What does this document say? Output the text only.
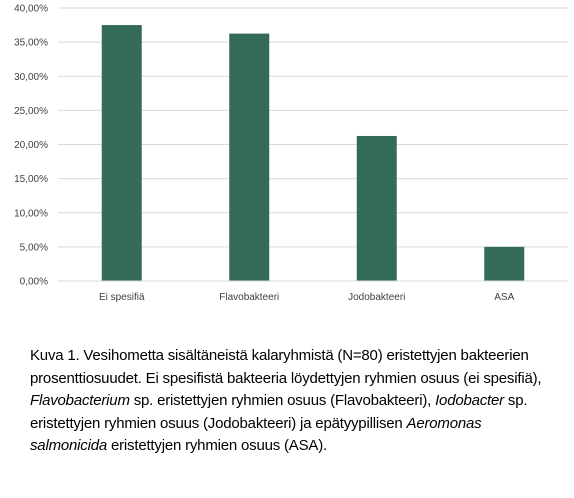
0,00%
5,00%
10,00%
15,00%
20,00%
25,00%
30,00%
35,00%
40,00%
Ei spesifiä	Flavobakteeri	Jodobakteeri	ASA
Kuva 1. Vesihometta sisältäneistä kalaryhmistä (N=80) eristettyjen bakteerien prosenttiosuudet. Ei spesifistä bakteeria löydettyjen ryhmien osuus (ei spesifiä), Flavobacterium sp. eristettyjen ryhmien osuus (Flavobakteeri), Iodobacter sp. eristettyjen ryhmien osuus (Jodobakteeri) ja epätyypillisen Aeromonas salmonicida eristettyjen ryhmien osuus (ASA).
